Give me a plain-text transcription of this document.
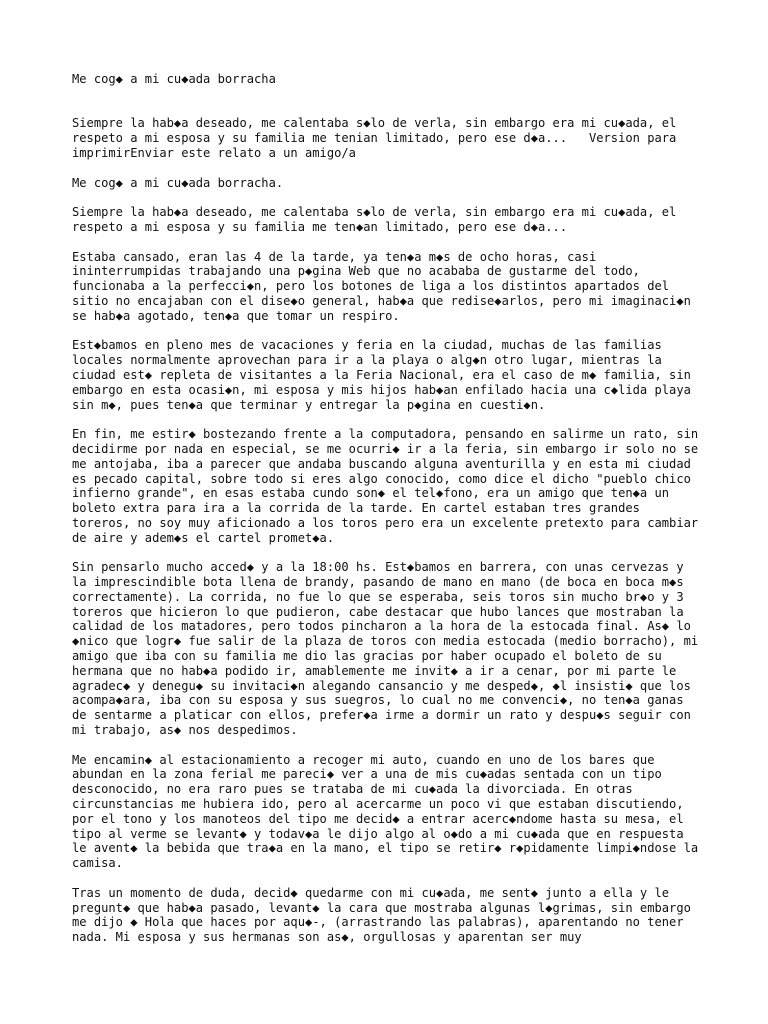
Me cog◆ a mi cu◆ada borracha

Siempre la hab◆a deseado, me calentaba s◆lo de verla, sin embargo era mi cu◆ada, el respeto a mi esposa y su familia me tenian limitado, pero ese d◆a...   Version para imprimirEnviar este relato a un amigo/a

Me cog◆ a mi cu◆ada borracha.

Siempre la hab◆a deseado, me calentaba s◆lo de verla, sin embargo era mi cu◆ada, el respeto a mi esposa y su familia me ten◆an limitado, pero ese d◆a...

Estaba cansado, eran las 4 de la tarde, ya ten◆a m◆s de ocho horas, casi ininterrumpidas trabajando una p◆gina Web que no acababa de gustarme del todo, funcionaba a la perfecci◆n, pero los botones de liga a los distintos apartados del sitio no encajaban con el dise◆o general, hab◆a que redise◆arlos, pero mi imaginaci◆n se hab◆a agotado, ten◆a que tomar un respiro.

Est◆bamos en pleno mes de vacaciones y feria en la ciudad, muchas de las familias locales normalmente aprovechan para ir a la playa o alg◆n otro lugar, mientras la ciudad est◆ repleta de visitantes a la Feria Nacional, era el caso de m◆ familia, sin embargo en esta ocasi◆n, mi esposa y mis hijos hab◆an enfilado hacia una c◆lida playa sin m◆, pues ten◆a que terminar y entregar la p◆gina en cuesti◆n.

En fin, me estir◆ bostezando frente a la computadora, pensando en salirme un rato, sin decidirme por nada en especial, se me ocurri◆ ir a la feria, sin embargo ir solo no se me antojaba, iba a parecer que andaba buscando alguna aventurilla y en esta mi ciudad es pecado capital, sobre todo si eres algo conocido, como dice el dicho "pueblo chico infierno grande", en esas estaba cundo son◆ el tel◆fono, era un amigo que ten◆a un boleto extra para ira a la corrida de la tarde. En cartel estaban tres grandes toreros, no soy muy aficionado a los toros pero era un excelente pretexto para cambiar de aire y adem◆s el cartel promet◆a.

Sin pensarlo mucho acced◆ y a la 18:00 hs. Est◆bamos en barrera, con unas cervezas y la imprescindible bota llena de brandy, pasando de mano en mano (de boca en boca m◆s correctamente). La corrida, no fue lo que se esperaba, seis toros sin mucho br◆o y 3 toreros que hicieron lo que pudieron, cabe destacar que hubo lances que mostraban la calidad de los matadores, pero todos pincharon a la hora de la estocada final. As◆ lo ◆nico que logr◆ fue salir de la plaza de toros con media estocada (medio borracho), mi amigo que iba con su familia me dio las gracias por haber ocupado el boleto de su hermana que no hab◆a podido ir, amablemente me invit◆ a ir a cenar, por mi parte le agradec◆ y denegu◆ su invitaci◆n alegando cansancio y me desped◆, ◆l insisti◆ que los acompa◆ara, iba con su esposa y sus suegros, lo cual no me convenci◆, no ten◆a ganas de sentarme a platicar con ellos, prefer◆a irme a dormir un rato y despu◆s seguir con mi trabajo, as◆ nos despedimos.

Me encamin◆ al estacionamiento a recoger mi auto, cuando en uno de los bares que abundan en la zona ferial me pareci◆ ver a una de mis cu◆adas sentada con un tipo desconocido, no era raro pues se trataba de mi cu◆ada la divorciada. En otras circunstancias me hubiera ido, pero al acercarme un poco vi que estaban discutiendo, por el tono y los manoteos del tipo me decid◆ a entrar acerc◆ndome hasta su mesa, el tipo al verme se levant◆ y todav◆a le dijo algo al o◆do a mi cu◆ada que en respuesta le avent◆ la bebida que tra◆a en la mano, el tipo se retir◆ r◆pidamente limpi◆ndose la camisa.

Tras un momento de duda, decid◆ quedarme con mi cu◆ada, me sent◆ junto a ella y le pregunt◆ que hab◆a pasado, levant◆ la cara que mostraba algunas l◆grimas, sin embargo me dijo ◆ Hola que haces por aqu◆-, (arrastrando las palabras), aparentando no tener nada. Mi esposa y sus hermanas son as◆, orgullosas y aparentan ser muy
